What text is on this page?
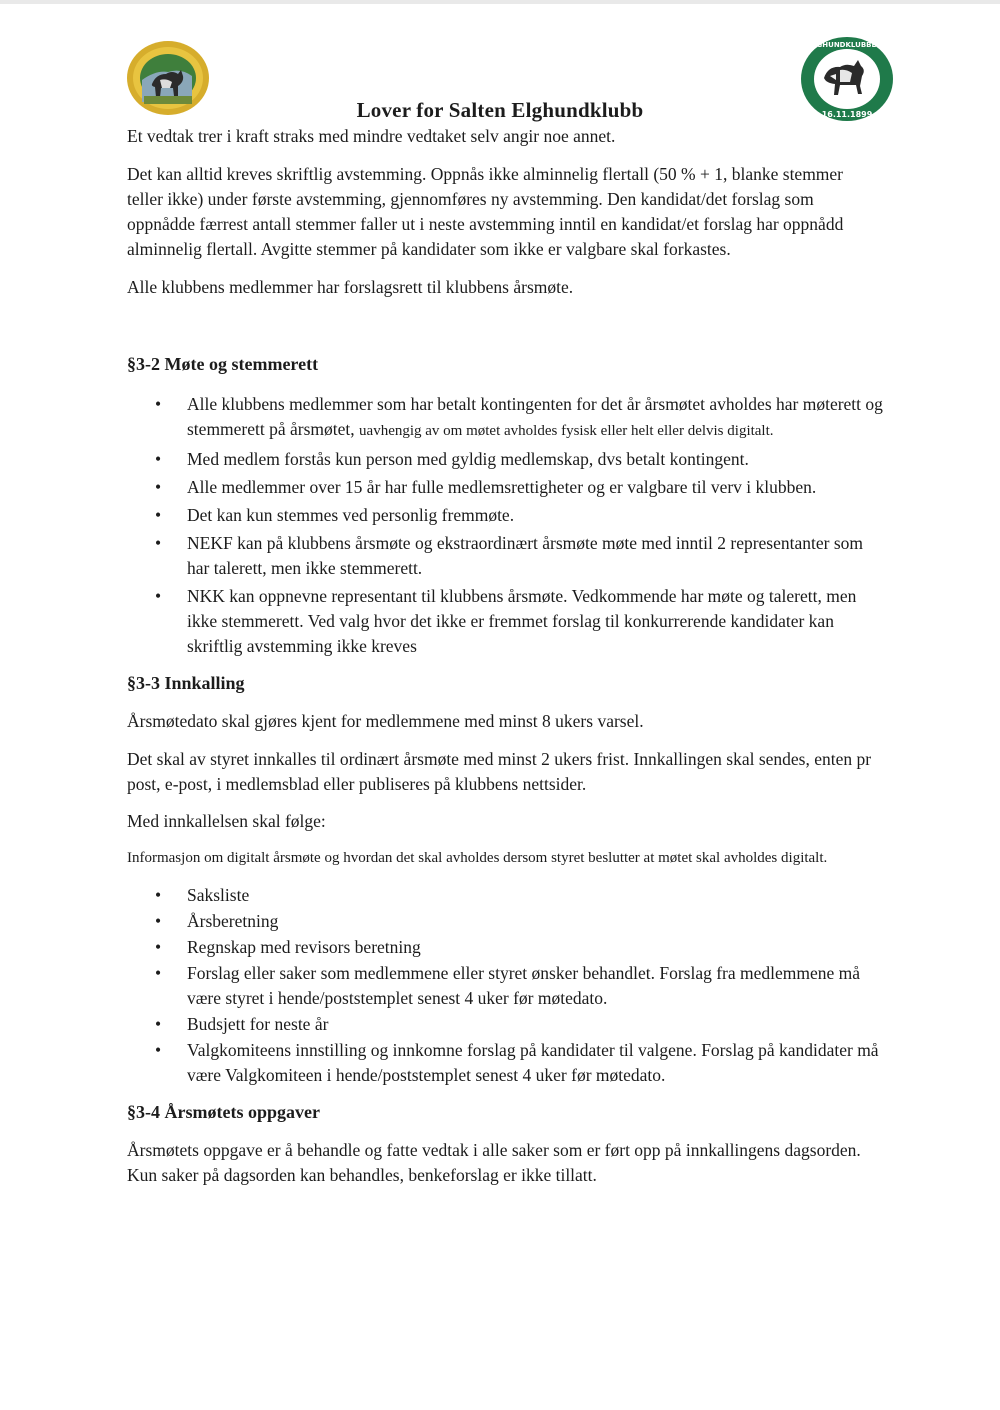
ELGHUNDKLUBBERS
16.11.1899
Lover for Salten Elghundklubb

Et vedtak trer i kraft straks med mindre vedtaket selv angir noe annet.

Det kan alltid kreves skriftlig avstemming. Oppnås ikke alminnelig flertall (50 % + 1, blanke stemmer teller ikke) under første avstemming, gjennomføres ny avstemming. Den kandidat/det forslag som oppnådde færrest antall stemmer faller ut i neste avstemming inntil en kandidat/et forslag har oppnådd alminnelig flertall. Avgitte stemmer på kandidater som ikke er valgbare skal forkastes.

Alle klubbens medlemmer har forslagsrett til klubbens årsmøte.

§3-2 Møte og stemmerett
• Alle klubbens medlemmer som har betalt kontingenten for det år årsmøtet avholdes har møterett og stemmerett på årsmøtet, uavhengig av om møtet avholdes fysisk eller helt eller delvis digitalt.
• Med medlem forstås kun person med gyldig medlemskap, dvs betalt kontingent.
• Alle medlemmer over 15 år har fulle medlemsrettigheter og er valgbare til verv i klubben.
• Det kan kun stemmes ved personlig fremmøte.
• NEKF kan på klubbens årsmøte og ekstraordinært årsmøte møte med inntil 2 representanter som har talerett, men ikke stemmerett.
• NKK kan oppnevne representant til klubbens årsmøte. Vedkommende har møte og talerett, men ikke stemmerett. Ved valg hvor det ikke er fremmet forslag til konkurrerende kandidater kan skriftlig avstemming ikke kreves
§3-3 Innkalling

Årsmøtedato skal gjøres kjent for medlemmene med minst 8 ukers varsel.

Det skal av styret innkalles til ordinært årsmøte med minst 2 ukers frist. Innkallingen skal sendes, enten pr post, e-post, i medlemsblad eller publiseres på klubbens nettsider.

Med innkallelsen skal følge:

Informasjon om digitalt årsmøte og hvordan det skal avholdes dersom styret beslutter at møtet skal avholdes digitalt.

• Saksliste
• Årsberetning
• Regnskap med revisors beretning
• Forslag eller saker som medlemmene eller styret ønsker behandlet. Forslag fra medlemmene må være styret i hende/poststemplet senest 4 uker før møtedato.
• Budsjett for neste år
• Valgkomiteens innstilling og innkomne forslag på kandidater til valgene. Forslag på kandidater må være Valgkomiteen i hende/poststemplet senest 4 uker før møtedato.
§3-4 Årsmøtets oppgaver

Årsmøtets oppgave er å behandle og fatte vedtak i alle saker som er ført opp på innkallingens dagsorden. Kun saker på dagsorden kan behandles, benkeforslag er ikke tillatt.
